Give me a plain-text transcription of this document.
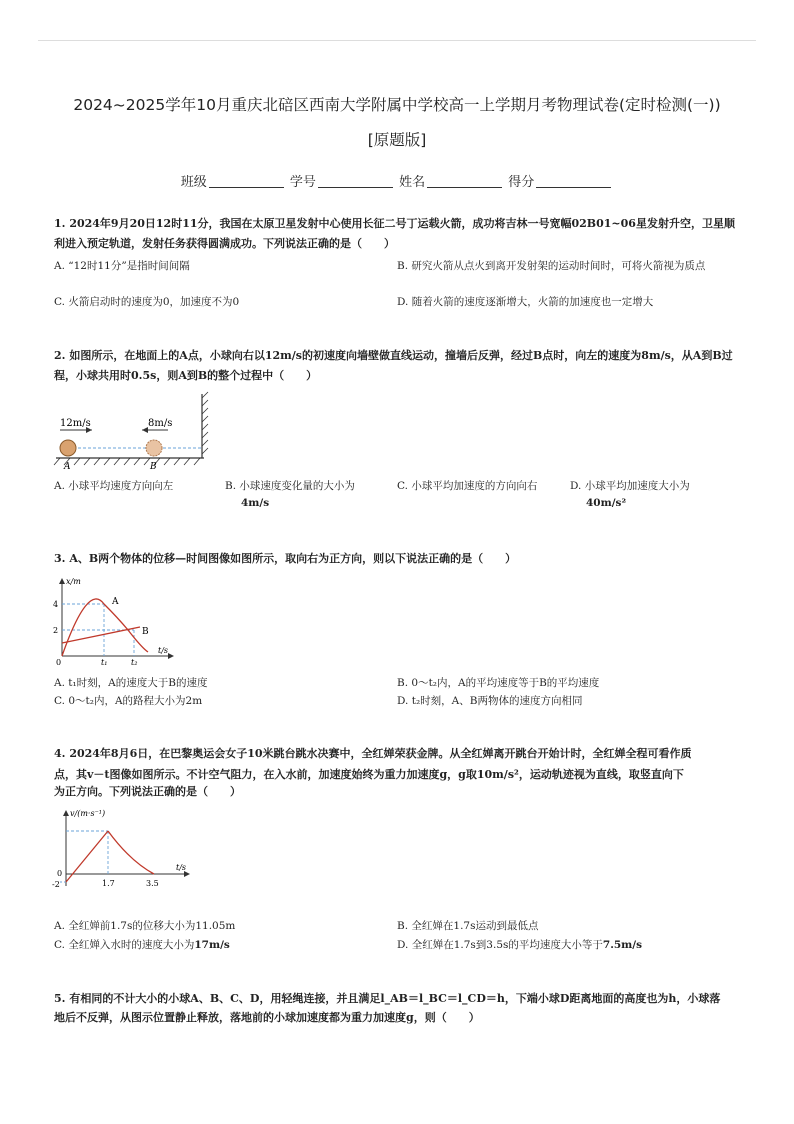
2024~2025学年10月重庆北碚区西南大学附属中学校高一上学期月考物理试卷(定时检测(一))
[原题版]
班级	学号	姓名	得分
1. 2024年9月20日12时11分，我国在太原卫星发射中心使用长征二号丁运载火箭，成功将吉林一号宽幅02B01~06星发射升空，卫星顺利进入预定轨道，发射任务获得圆满成功。下列说法正确的是（　　）
A. “12时11分”是指时间间隔	B. 研究火箭从点火到离开发射架的运动时间时，可将火箭视为质点
C. 火箭启动时的速度为0，加速度不为0	D. 随着火箭的速度逐渐增大，火箭的加速度也一定增大
2. 如图所示，在地面上的A点，小球向右以12m/s的初速度向墙壁做直线运动，撞墙后反弹，经过B点时，向左的速度为8m/s，从A到B过程，小球共用时0.5s，则A到B的整个过程中（　　）
12m/s	8m/s
A	B
A. 小球平均速度方向向左	B. 小球速度变化量的大小为
4m/s
C. 小球平均加速度的方向向右	D. 小球平均加速度大小为
40m/s²
3. A、B两个物体的位移—时间图像如图所示，取向右为正方向，则以下说法正确的是（　　）
x/m
t/s
4
2
0	t₁	t₂
A
B
A. t₁时刻，A的速度大于B的速度	B. 0～t₂内，A的平均速度等于B的平均速度
C. 0～t₂内，A的路程大小为2m	D. t₂时刻，A、B两物体的速度方向相同
4. 2024年8月6日，在巴黎奥运会女子10米跳台跳水决赛中，全红婵荣获金牌。从全红婵离开跳台开始计时，全红婵全程可看作质
点，其v－t图像如图所示。不计空气阻力，在入水前，加速度始终为重力加速度g，g取10m/s²，运动轨迹视为直线，取竖直向下
为正方向。下列说法正确的是（　　）
v/(m·s⁻¹)
t/s
0
-2	1.7	3.5
A. 全红婵前1.7s的位移大小为11.05m	B. 全红婵在1.7s运动到最低点
C. 全红婵入水时的速度大小为17m/s	D. 全红婵在1.7s到3.5s的平均速度大小等于7.5m/s
5. 有相同的不计大小的小球A、B、C、D，用轻绳连接，并且满足l_AB＝l_BC＝l_CD＝h，下端小球D距离地面的高度也为h，小球落
地后不反弹，从图示位置静止释放，落地前的小球加速度都为重力加速度g，则（　　）
